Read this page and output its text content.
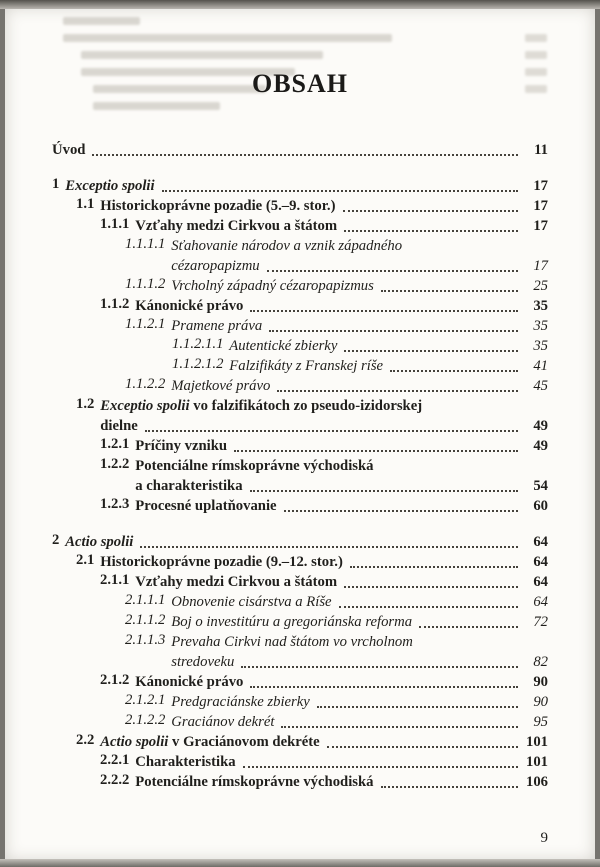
OBSAH
Úvod	11
1 Exceptio spolii	17
1.1 Historickoprávne pozadie (5.–9. stor.)	17
1.1.1 Vzťahy medzi Cirkvou a štátom	17
1.1.1.1 Sťahovanie národov a vznik západného
cézaropapizmu	17
1.1.1.2 Vrcholný západný cézaropapizmus	25
1.1.2 Kánonické právo	35
1.1.2.1 Pramene práva	35
1.1.2.1.1 Autentické zbierky	35
1.1.2.1.2 Falzifikáty z Franskej ríše	41
1.1.2.2 Majetkové právo	45
1.2 Exceptio spolii vo falzifikátoch zo pseudo-izidorskej
dielne	49
1.2.1 Príčiny vzniku	49
1.2.2 Potenciálne rímskoprávne východiská
a charakteristika	54
1.2.3 Procesné uplatňovanie	60
2 Actio spolii	64
2.1 Historickoprávne pozadie (9.–12. stor.)	64
2.1.1 Vzťahy medzi Cirkvou a štátom	64
2.1.1.1 Obnovenie cisárstva a Ríše	64
2.1.1.2 Boj o investitúru a gregoriánska reforma	72
2.1.1.3 Prevaha Cirkvi nad štátom vo vrcholnom
stredoveku	82
2.1.2 Kánonické právo	90
2.1.2.1 Predgraciánske zbierky	90
2.1.2.2 Graciánov dekrét	95
2.2 Actio spolii v Graciánovom dekréte	101
2.2.1 Charakteristika	101
2.2.2 Potenciálne rímskoprávne východiská	106
9
